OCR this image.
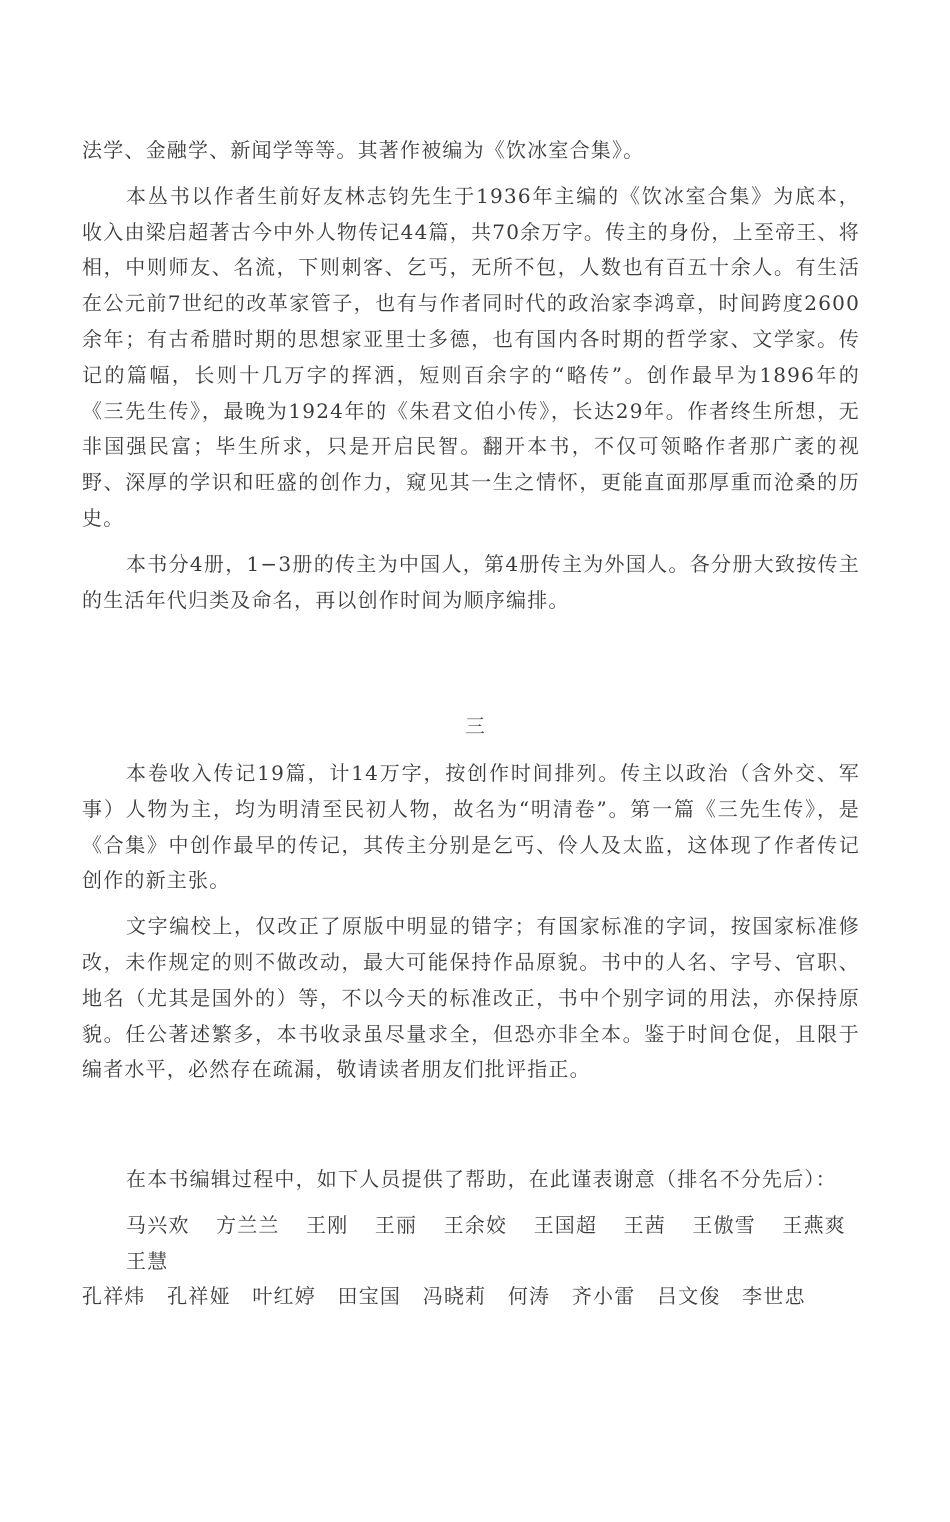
法学、金融学、新闻学等等。其著作被编为《饮冰室合集》。

本丛书以作者生前好友林志钧先生于1936年主编的《饮冰室合集》为底本，收入由梁启超著古今中外人物传记44篇，共70余万字。传主的身份，上至帝王、将相，中则师友、名流，下则刺客、乞丐，无所不包，人数也有百五十余人。有生活在公元前7世纪的改革家管子，也有与作者同时代的政治家李鸿章，时间跨度2600余年；有古希腊时期的思想家亚里士多德，也有国内各时期的哲学家、文学家。传记的篇幅，长则十几万字的挥洒，短则百余字的“略传”。创作最早为1896年的《三先生传》，最晚为1924年的《朱君文伯小传》，长达29年。作者终生所想，无非国强民富；毕生所求，只是开启民智。翻开本书，不仅可领略作者那广袤的视野、深厚的学识和旺盛的创作力，窥见其一生之情怀，更能直面那厚重而沧桑的历史。

本书分4册，1−3册的传主为中国人，第4册传主为外国人。各分册大致按传主的生活年代归类及命名，再以创作时间为顺序编排。

三

本卷收入传记19篇，计14万字，按创作时间排列。传主以政治（含外交、军事）人物为主，均为明清至民初人物，故名为“明清卷”。第一篇《三先生传》，是《合集》中创作最早的传记，其传主分别是乞丐、伶人及太监，这体现了作者传记创作的新主张。

文字编校上，仅改正了原版中明显的错字；有国家标准的字词，按国家标准修改，未作规定的则不做改动，最大可能保持作品原貌。书中的人名、字号、官职、地名（尤其是国外的）等，不以今天的标准改正，书中个别字词的用法，亦保持原貌。任公著述繁多，本书收录虽尽量求全，但恐亦非全本。鉴于时间仓促，且限于编者水平，必然存在疏漏，敬请读者朋友们批评指正。

在本书编辑过程中，如下人员提供了帮助，在此谨表谢意（排名不分先后）：

马兴欢 方兰兰 王刚 王丽 王余姣 王国超 王茜 王傲雪 王燕爽 王慧
孔祥炜 孔祥娅 叶红婷 田宝国 冯晓莉 何涛 齐小雷 吕文俊 李世忠
